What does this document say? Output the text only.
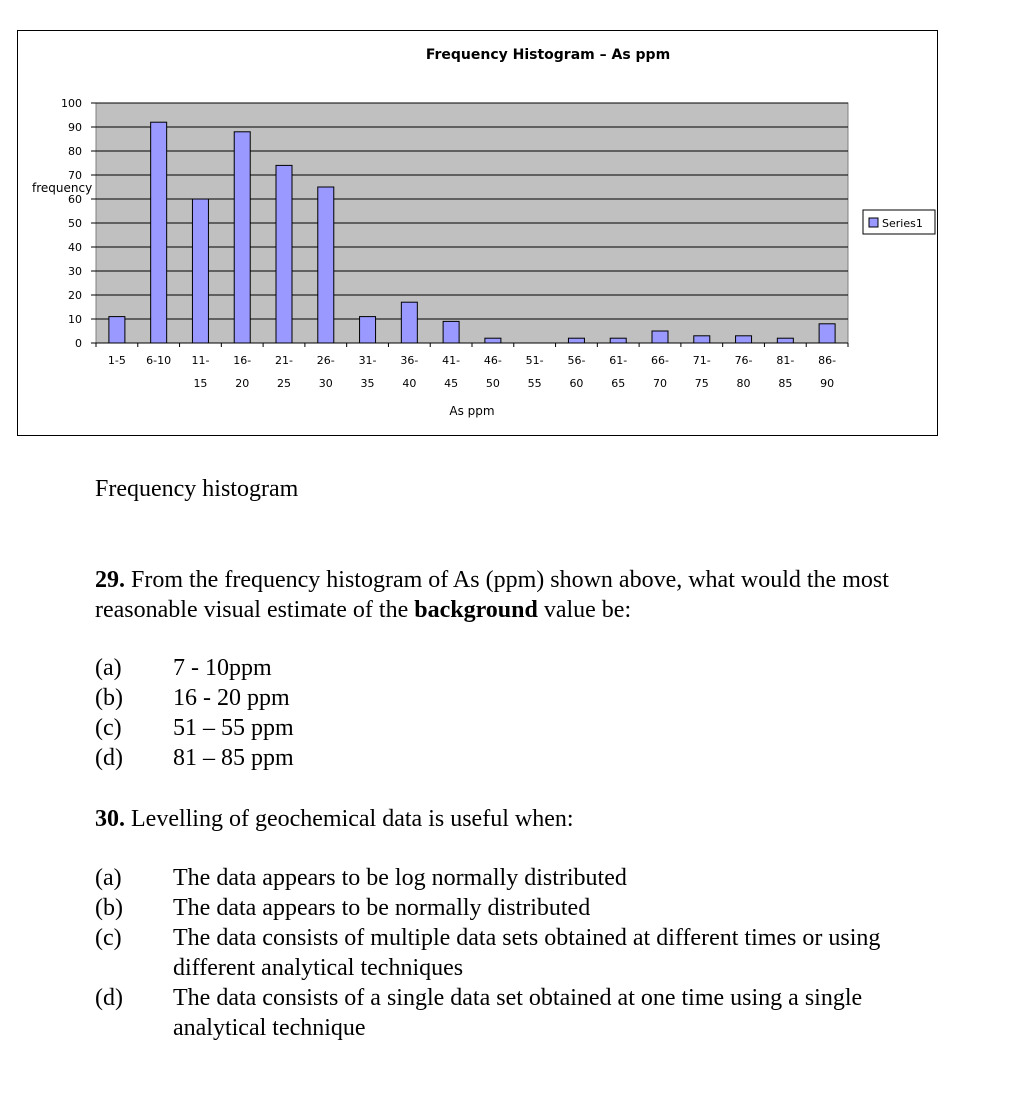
Frequency Histogram – As ppm
0
10
20
30
40
50
60
70
80
90
100
frequency
1-5 6-10 11-
15
16-
20
21-
25
26-
30
31-
35
36-
40
41-
45
46-
50
51-
55
56-
60
61-
65
66-
70
71-
75
76-
80
81-
85
86-
90
As ppm
Series1
Frequency histogram
29. From the frequency histogram of As (ppm) shown above, what would the most reasonable visual estimate of the background value be:
(a) 7 - 10ppm
(b) 16 - 20 ppm
(c) 51 – 55 ppm
(d) 81 – 85 ppm
30. Levelling of geochemical data is useful when:
(a) The data appears to be log normally distributed
(b) The data appears to be normally distributed
(c) The data consists of multiple data sets obtained at different times or using different analytical techniques
(d) The data consists of a single data set obtained at one time using a single analytical technique
